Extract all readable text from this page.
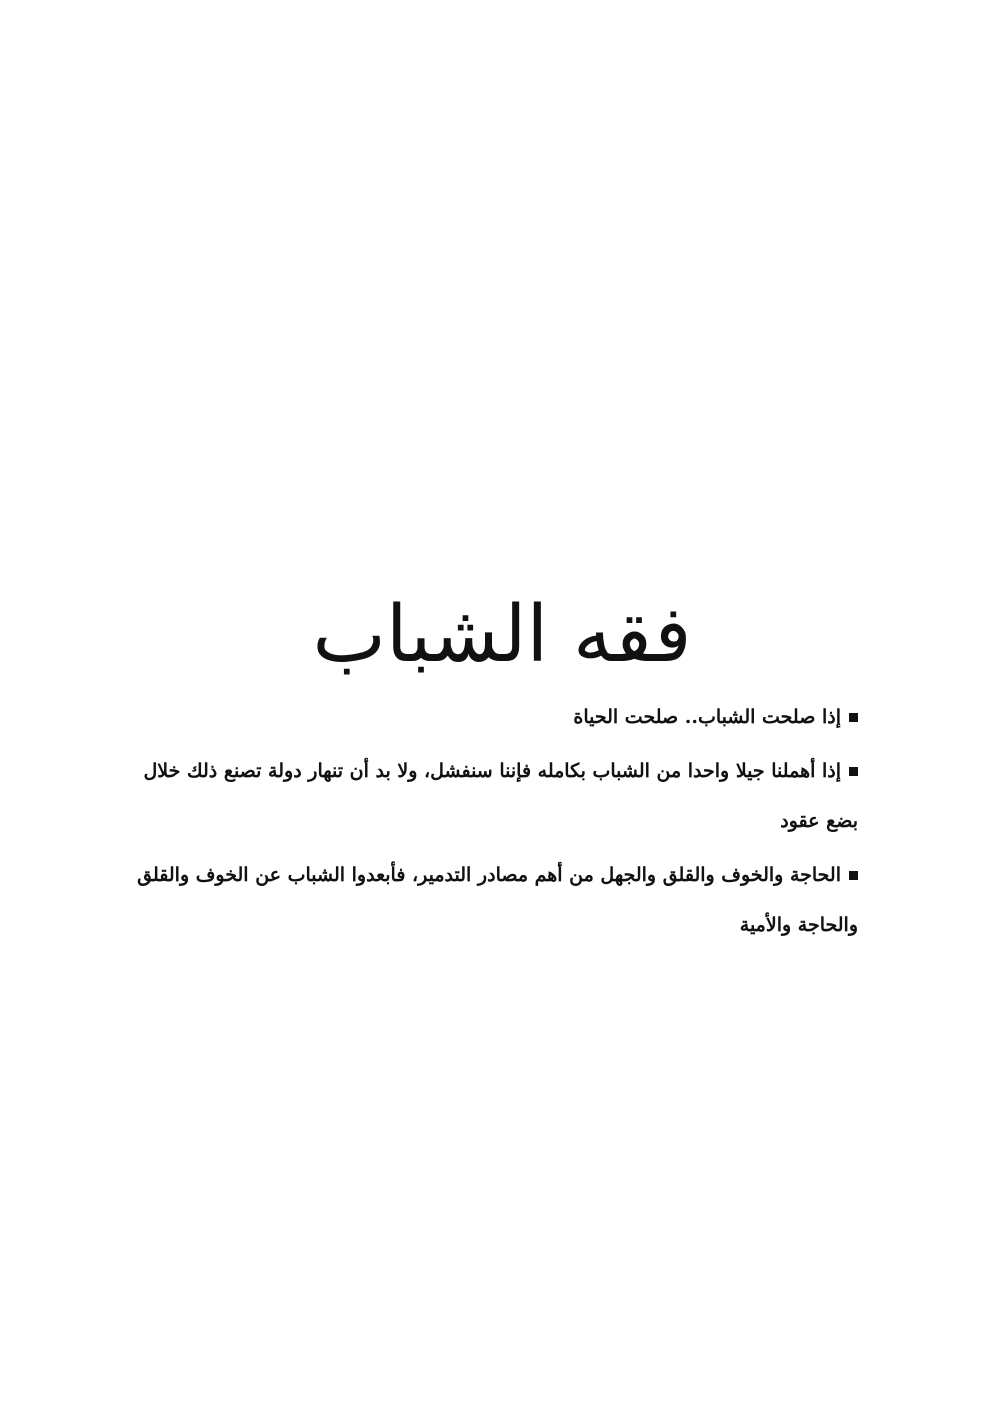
فقه الشباب

إذا صلحت الشباب.. صلحت الحياة

إذا أهملنا جيلا واحدا من الشباب بكامله فإننا سنفشل، ولا بد أن تنهار دولة تصنع ذلك خلال بضع عقود

الحاجة والخوف والقلق والجهل من أهم مصادر التدمير، فأبعدوا الشباب عن الخوف والقلق والحاجة والأمية
